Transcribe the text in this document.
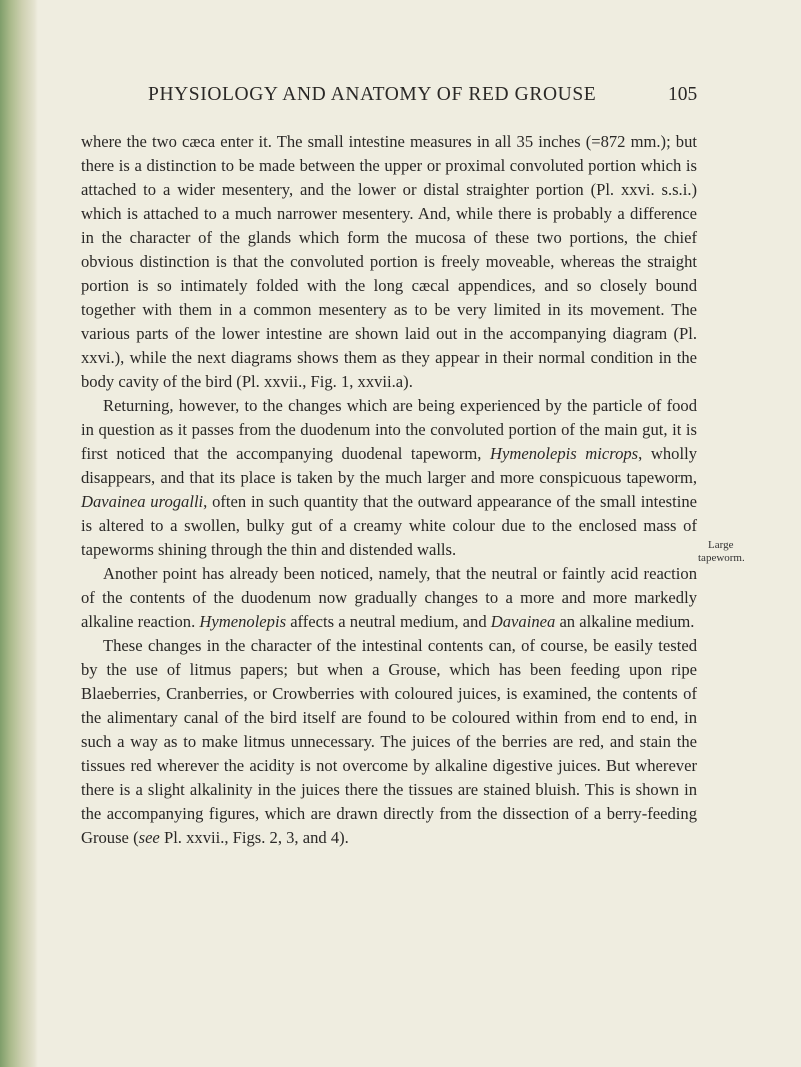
PHYSIOLOGY AND ANATOMY OF RED GROUSE	105
Large
tapeworm.

where the two cæca enter it. The small intestine measures in all 35 inches (=872 mm.); but there is a distinction to be made between the upper or proximal convoluted portion which is attached to a wider mesentery, and the lower or distal straighter portion (Pl. xxvi. s.s.i.) which is attached to a much narrower mesentery. And, while there is probably a difference in the character of the glands which form the mucosa of these two portions, the chief obvious distinction is that the convoluted portion is freely moveable, whereas the straight portion is so intimately folded with the long cæcal appendices, and so closely bound together with them in a common mesentery as to be very limited in its movement. The various parts of the lower intestine are shown laid out in the accompanying diagram (Pl. xxvi.), while the next diagrams shows them as they appear in their normal condition in the body cavity of the bird (Pl. xxvii., Fig. 1, xxvii.a).

Returning, however, to the changes which are being experienced by the particle of food in question as it passes from the duodenum into the convoluted portion of the main gut, it is first noticed that the accompanying duodenal tapeworm, Hymenolepis microps, wholly disappears, and that its place is taken by the much larger and more conspicuous tapeworm, Davainea urogalli, often in such quantity that the outward appearance of the small intestine is altered to a swollen, bulky gut of a creamy white colour due to the enclosed mass of tapeworms shining through the thin and distended walls.

Another point has already been noticed, namely, that the neutral or faintly acid reaction of the contents of the duodenum now gradually changes to a more and more markedly alkaline reaction. Hymenolepis affects a neutral medium, and Davainea an alkaline medium.

These changes in the character of the intestinal contents can, of course, be easily tested by the use of litmus papers; but when a Grouse, which has been feeding upon ripe Blaeberries, Cranberries, or Crowberries with coloured juices, is examined, the contents of the alimentary canal of the bird itself are found to be coloured within from end to end, in such a way as to make litmus unnecessary. The juices of the berries are red, and stain the tissues red wherever the acidity is not overcome by alkaline digestive juices. But wherever there is a slight alkalinity in the juices there the tissues are stained bluish. This is shown in the accompanying figures, which are drawn directly from the dissection of a berry-feeding Grouse (see Pl. xxvii., Figs. 2, 3, and 4).
